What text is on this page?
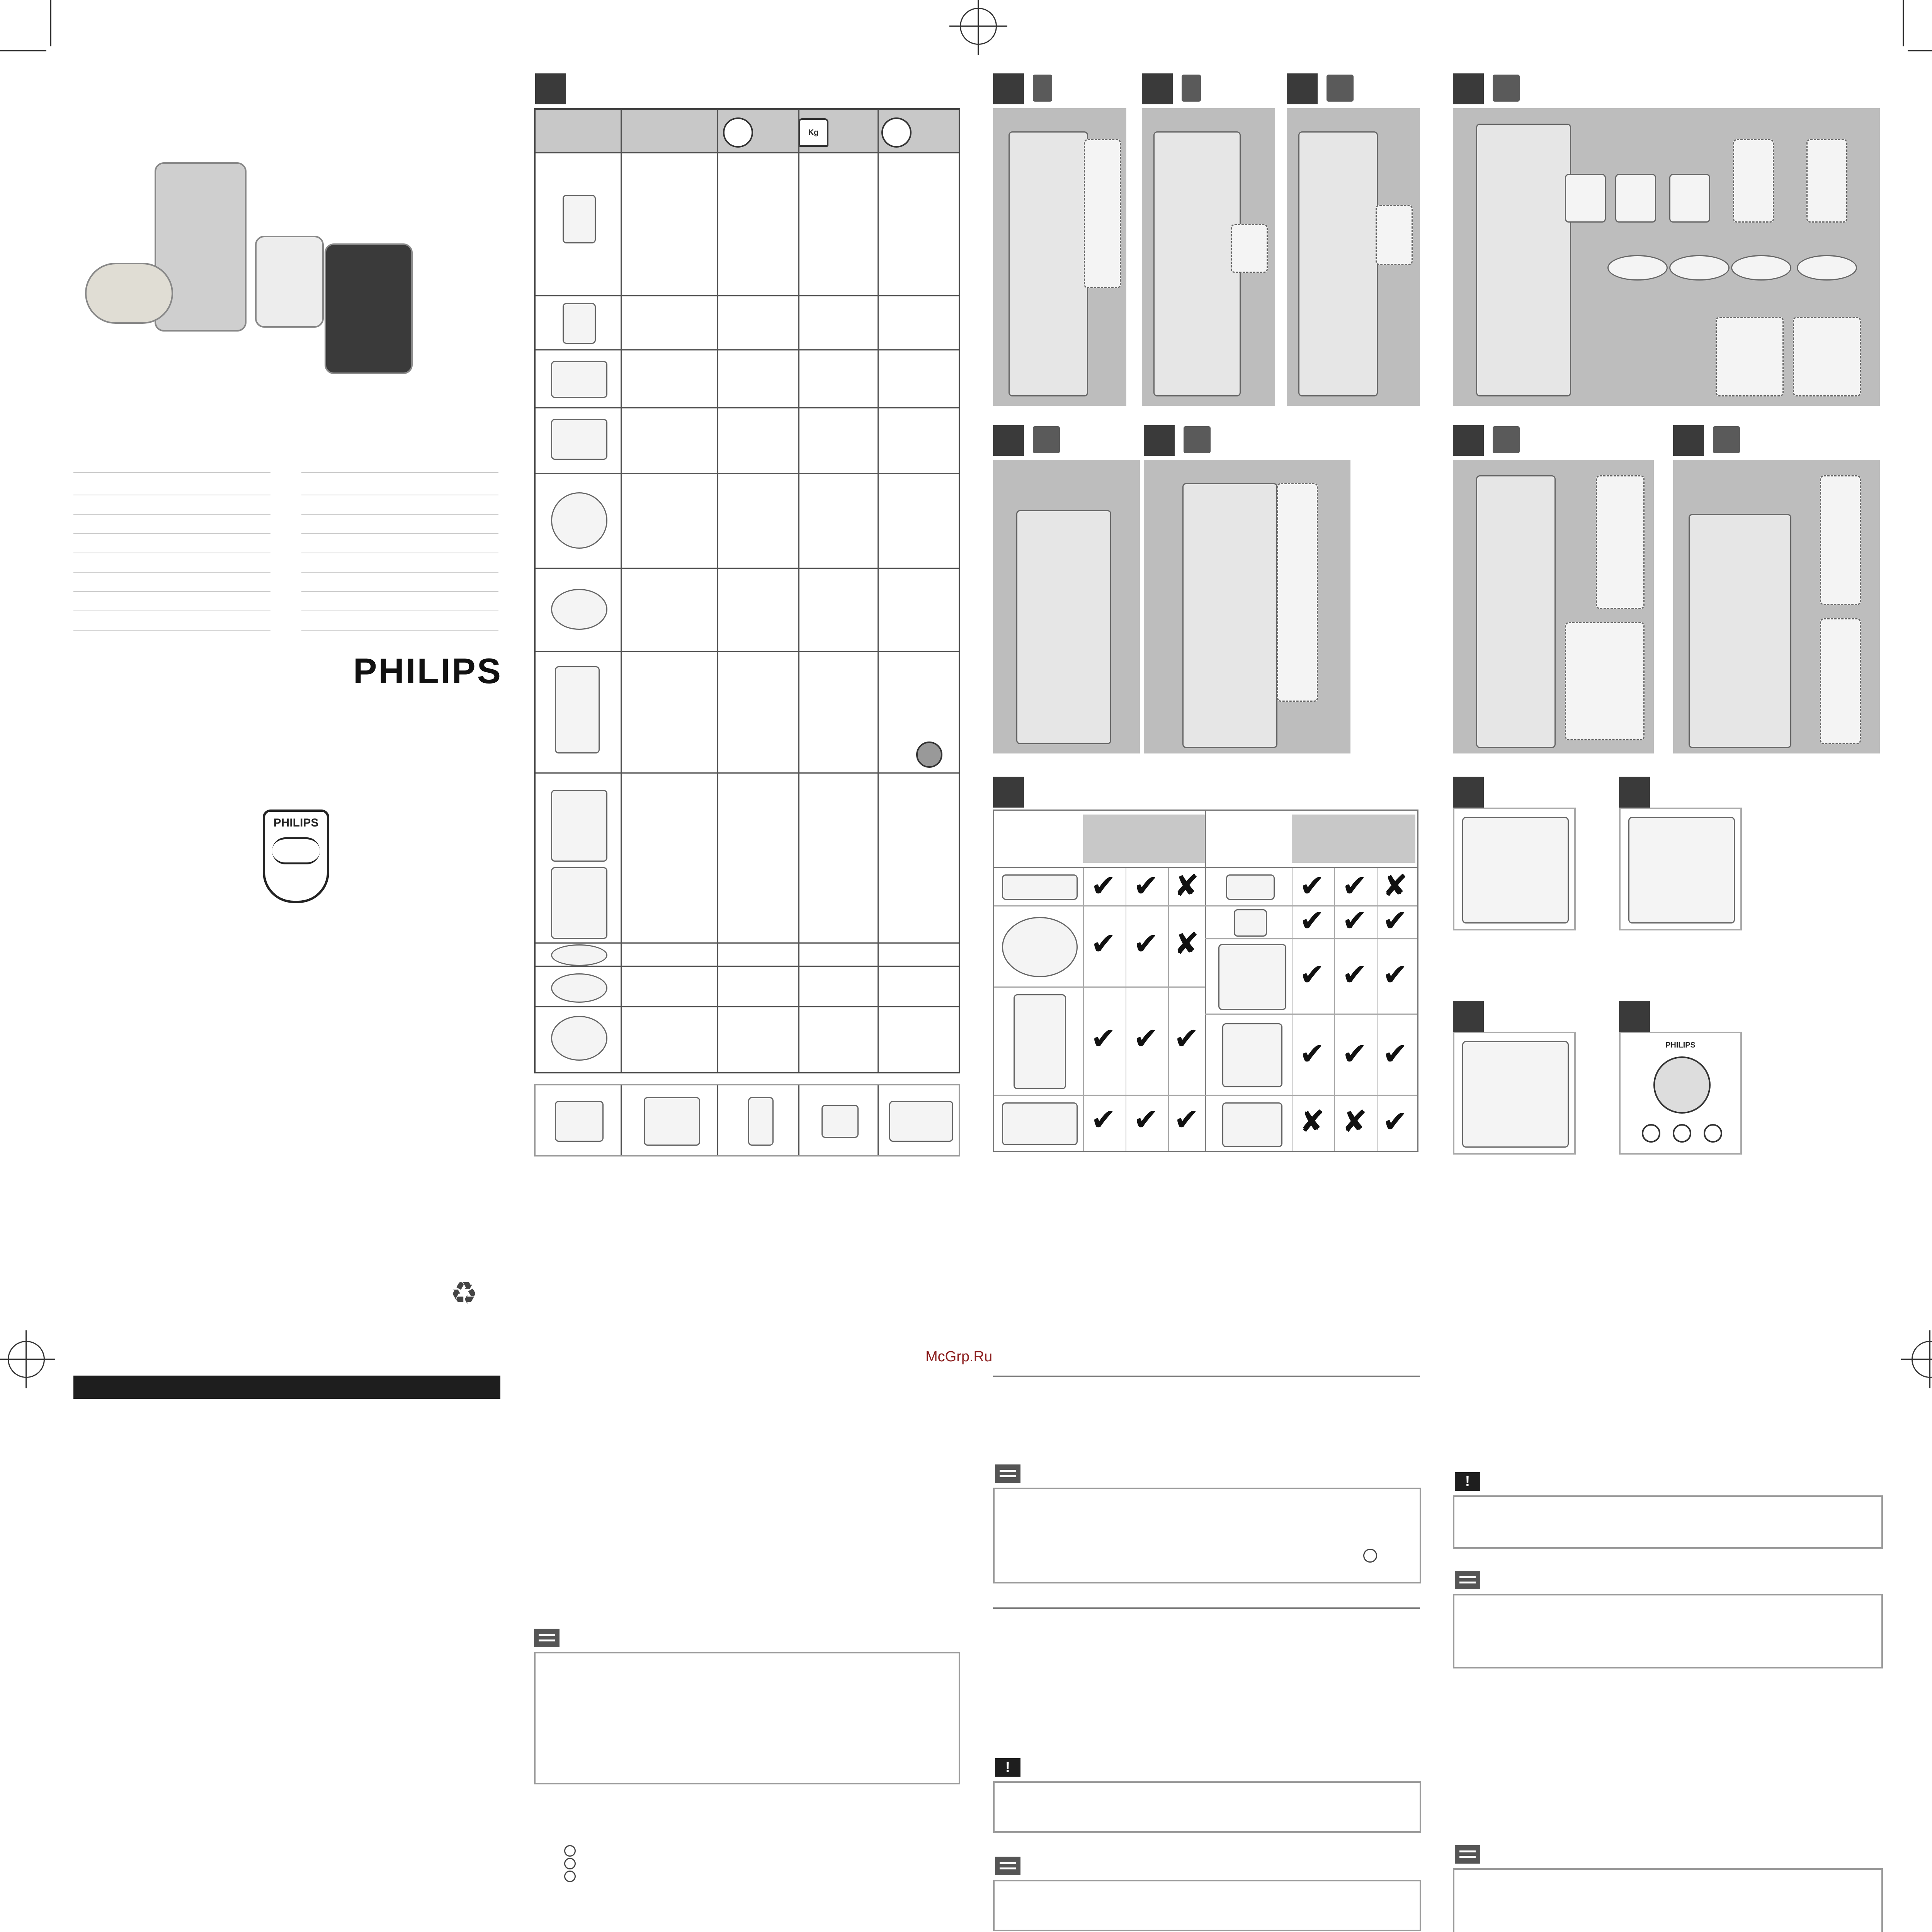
PHILIPS
PHILIPS
♻
Kg
✔ ✔ ✘
✔ ✔ ✘
✔ ✔ ✔
✔ ✔ ✔
✔ ✔ ✘
✔ ✔ ✔
✔ ✔ ✔
✔ ✔ ✔
✘ ✘ ✔
McGrp.Ru
!
PHILIPS
!
